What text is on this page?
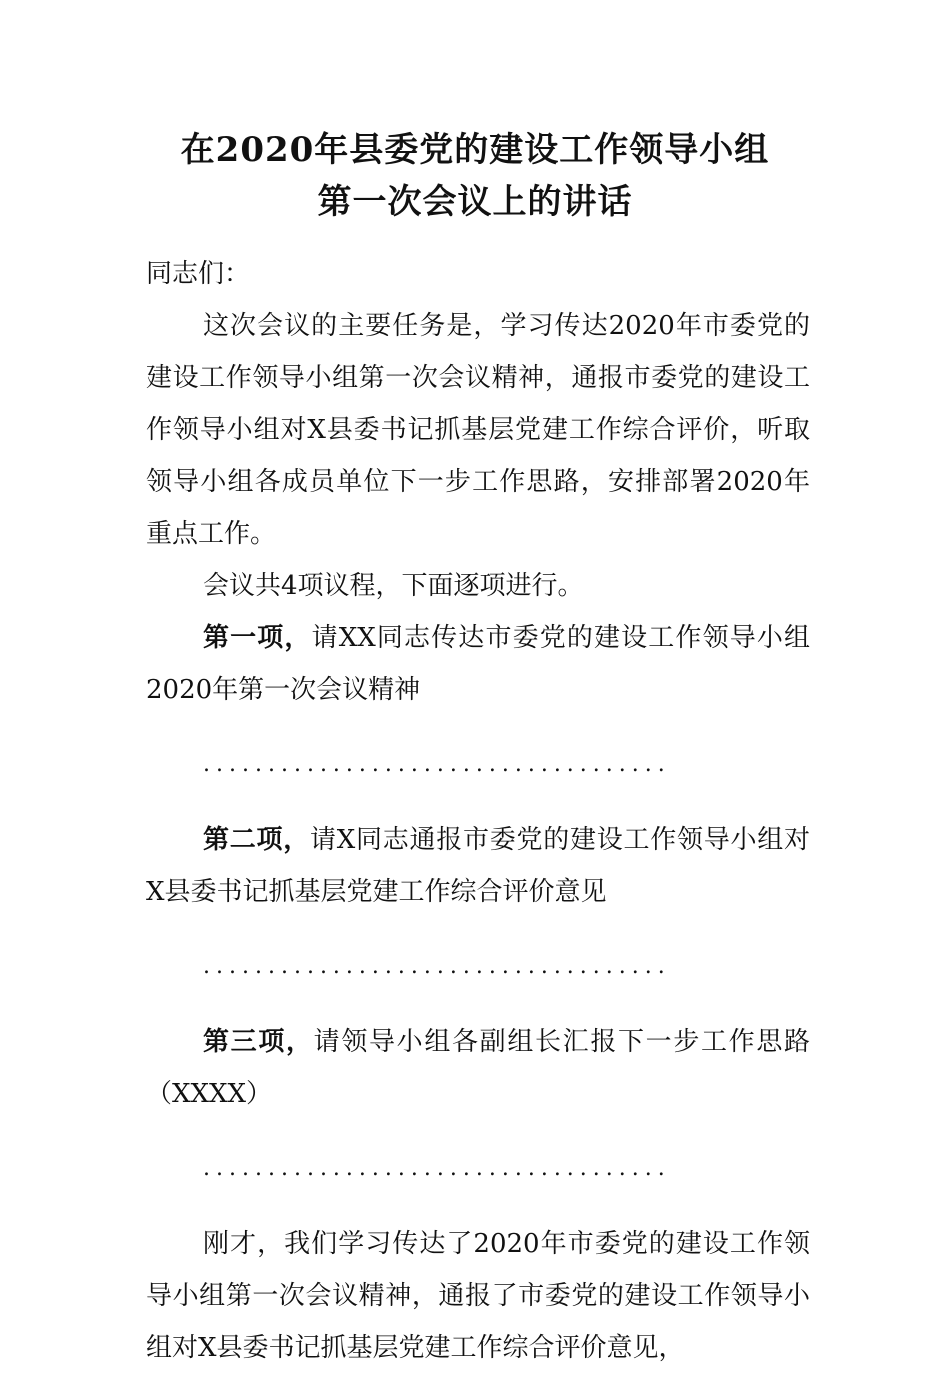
在2020年县委党的建设工作领导小组
第一次会议上的讲话

同志们：

这次会议的主要任务是，学习传达2020年市委党的建设工作领导小组第一次会议精神，通报市委党的建设工作领导小组对X县委书记抓基层党建工作综合评价，听取领导小组各成员单位下一步工作思路，安排部署2020年重点工作。

会议共4项议程，下面逐项进行。

第一项，请XX同志传达市委党的建设工作领导小组2020年第一次会议精神

....................................

第二项，请X同志通报市委党的建设工作领导小组对X县委书记抓基层党建工作综合评价意见

....................................

第三项，请领导小组各副组长汇报下一步工作思路（XXXX）

....................................

刚才，我们学习传达了2020年市委党的建设工作领导小组第一次会议精神，通报了市委党的建设工作领导小组对X县委书记抓基层党建工作综合评价意见，
